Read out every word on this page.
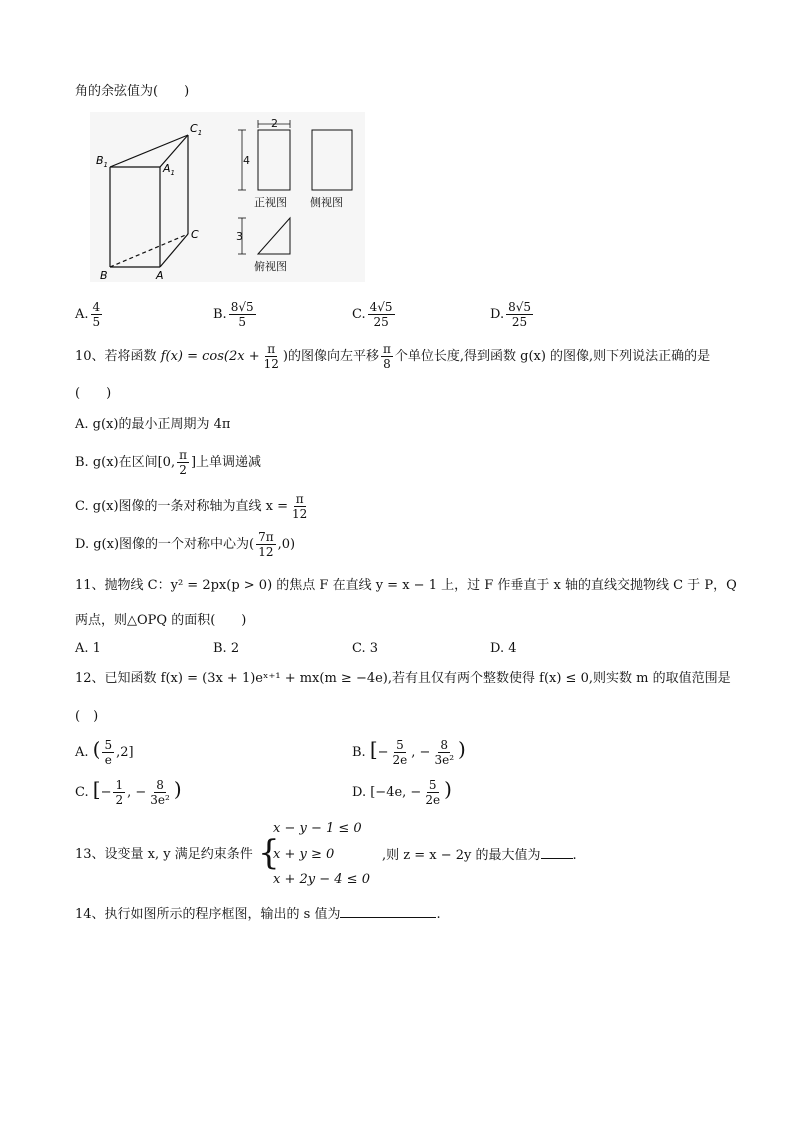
角的余弦值为(　　)
$B_1$
$C_1$
$A_1$
C
B	A
2
4
正视图 侧视图
3
俯视图
A. $\frac{4}{5}$	B. $\frac{8√5}{5}$	C. $\frac{4√5}{25}$	D. $\frac{8√5}{25}$
10、若将函数 $f(x) = \cos(2x + \frac{\pi}{12}$ )的图像向左平移 $\frac{\pi}{8}$ 个单位长度,得到函数 g(x) 的图像,则下列说法正确的是
(　　)
A. g(x)的最小正周期为 4π
B. g(x)在区间[0, $\frac{\pi}{2}$ ]上单调递减
C. g(x)图像的一条对称轴为直线 $x = \frac{\pi}{12}$
D. g(x)图像的一个对称中心为( $\frac{7\pi}{12} ,0$)
11、抛物线 C：y² = 2px(p > 0) 的焦点 F 在直线 y = x − 1 上，过 F 作垂直于 x 轴的直线交抛物线 C 于 P，Q
两点，则△OPQ 的面积(　　)
A. 1	B. 2	C. 3	D. 4
12、已知函数 f(x) = (3x + 1)eˣ⁺¹ + mx(m ≥ −4e),若有且仅有两个整数使得 f(x) ≤ 0,则实数 m 的取值范围是
(　)
A. ( $\frac{5}{e} ,2$]	B. [− $\frac{5}{2e}$ , − $\frac{8}{\text{3e²}}$ )
C. [− $\frac{1}{2}$ , − $\frac{8}{\text{3e²}}$ )	D. [−4e, − $\frac{5}{2e}$ )
13、设变量 x, y 满足约束条件 {
x − y − 1 ≤ 0
x + y ≥ 0
x + 2y − 4 ≤ 0
,则 z = x − 2y 的最大值为 .
14、执行如图所示的程序框图，输出的 s 值为	.
